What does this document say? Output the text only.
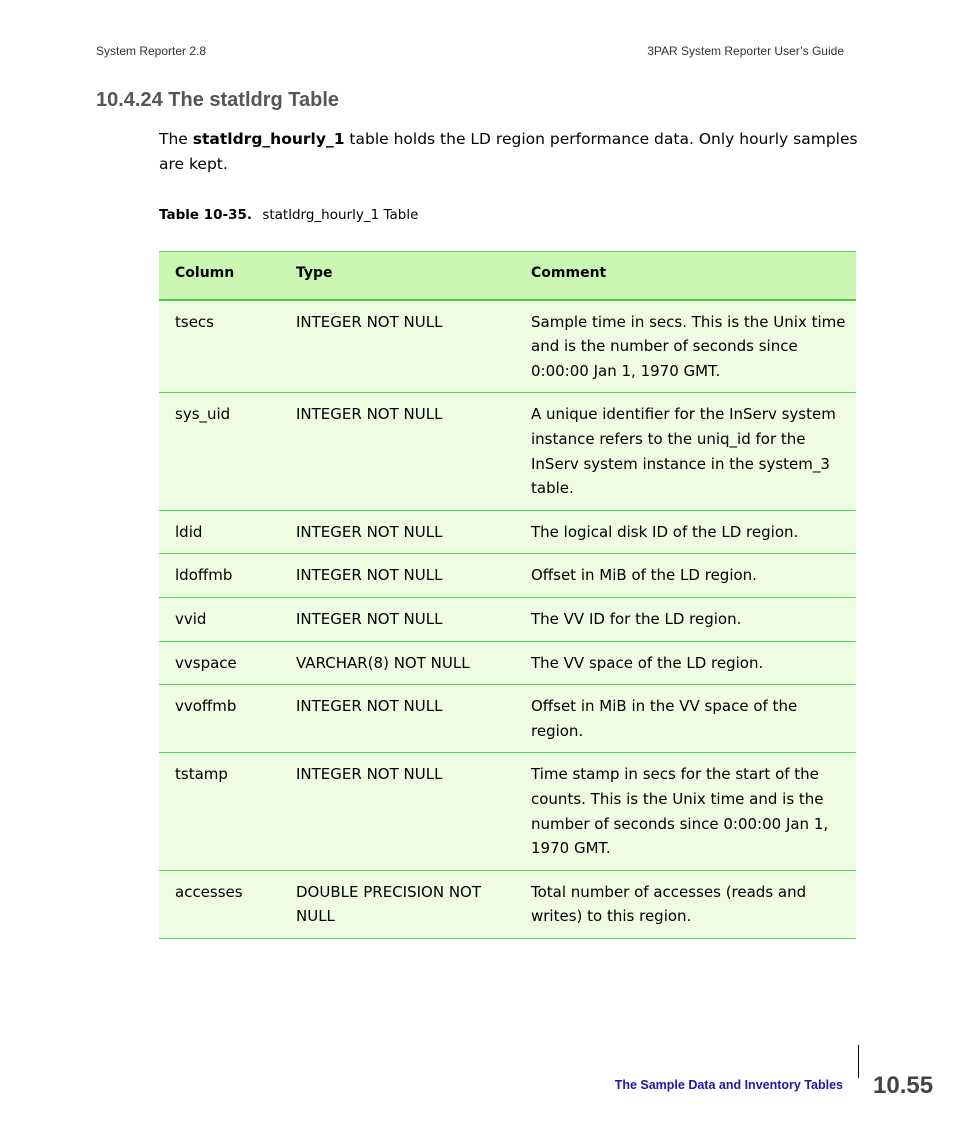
System Reporter 2.8	3PAR System Reporter User’s Guide
10.4.24 The statldrg Table

The statldrg_hourly_1 table holds the LD region performance data. Only hourly samples are kept.

Table 10-35. statldrg_hourly_1 Table
Column	Type	Comment
tsecs	INTEGER NOT NULL	Sample time in secs. This is the Unix time and is the number of seconds since 0:00:00 Jan 1, 1970 GMT.
sys_uid	INTEGER NOT NULL	A unique identifier for the InServ system instance refers to the uniq_id for the InServ system instance in the system_3 table.
ldid	INTEGER NOT NULL	The logical disk ID of the LD region.
ldoffmb	INTEGER NOT NULL	Offset in MiB of the LD region.
vvid	INTEGER NOT NULL	The VV ID for the LD region.
vvspace	VARCHAR(8) NOT NULL	The VV space of the LD region.
vvoffmb	INTEGER NOT NULL	Offset in MiB in the VV space of the region.
tstamp	INTEGER NOT NULL	Time stamp in secs for the start of the counts. This is the Unix time and is the number of seconds since 0:00:00 Jan 1, 1970 GMT.
accesses	DOUBLE PRECISION NOT NULL	Total number of accesses (reads and writes) to this region.
The Sample Data and Inventory Tables 10.55
